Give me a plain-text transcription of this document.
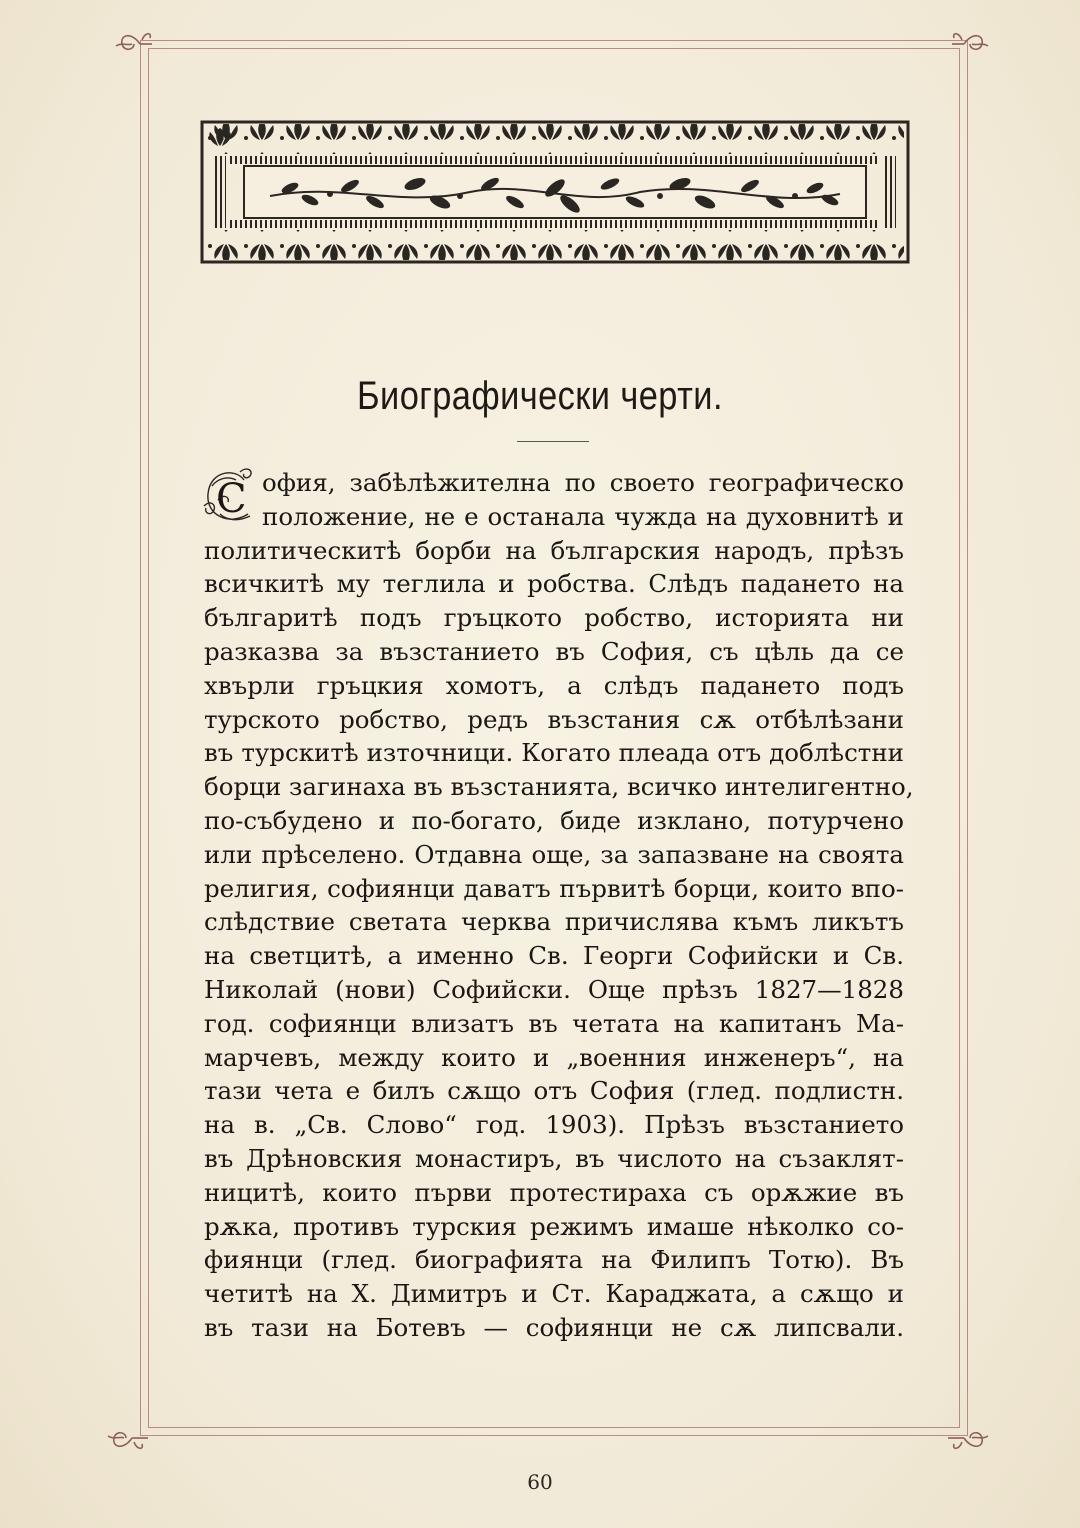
Биографически черти.
С офия, забѣлѣжителна по своето географическо
положение, не е останала чужда на духовнитѣ и
политическитѣ борби на българския народъ, прѣзъ
всичкитѣ му теглила и робства. Слѣдъ падането на
българитѣ подъ гръцкото робство, историята ни
разказва за възстанието въ София, съ цѣль да се
хвърли гръцкия хомотъ, а слѣдъ падането подъ
турското робство, редъ възстания сѫ отбѣлѣзани
въ турскитѣ източници. Когато плеада отъ доблѣстни
борци загинаха въ възстанията, всичко интелигентно,
по-събудено и по-богато, биде изклано, потурчено
или прѣселено. Отдавна още, за запазване на своята
религия, софиянци даватъ първитѣ борци, които впо-
слѣдствие светата черква причислява къмъ ликътъ
на светцитѣ, а именно Св. Георги Софийски и Св.
Николай (нови) Софийски. Още прѣзъ 1827—1828
год. софиянци влизатъ въ четата на капитанъ Ма-
марчевъ, между които и „военния инженеръ“, на
тази чета е билъ сѫщо отъ София (глед. подлистн.
на в. „Св. Слово“ год. 1903). Прѣзъ възстанието
въ Дрѣновския монастиръ, въ числото на съзаклят-
ницитѣ, които първи протестираха съ орѫжие въ
рѫка, противъ турския режимъ имаше нѣколко со-
фиянци (глед. биографията на Филипъ Тотю). Въ
четитѣ на Х. Димитръ и Ст. Караджата, а сѫщо и
въ тази на Ботевъ — софиянци не сѫ липсвали.
60
